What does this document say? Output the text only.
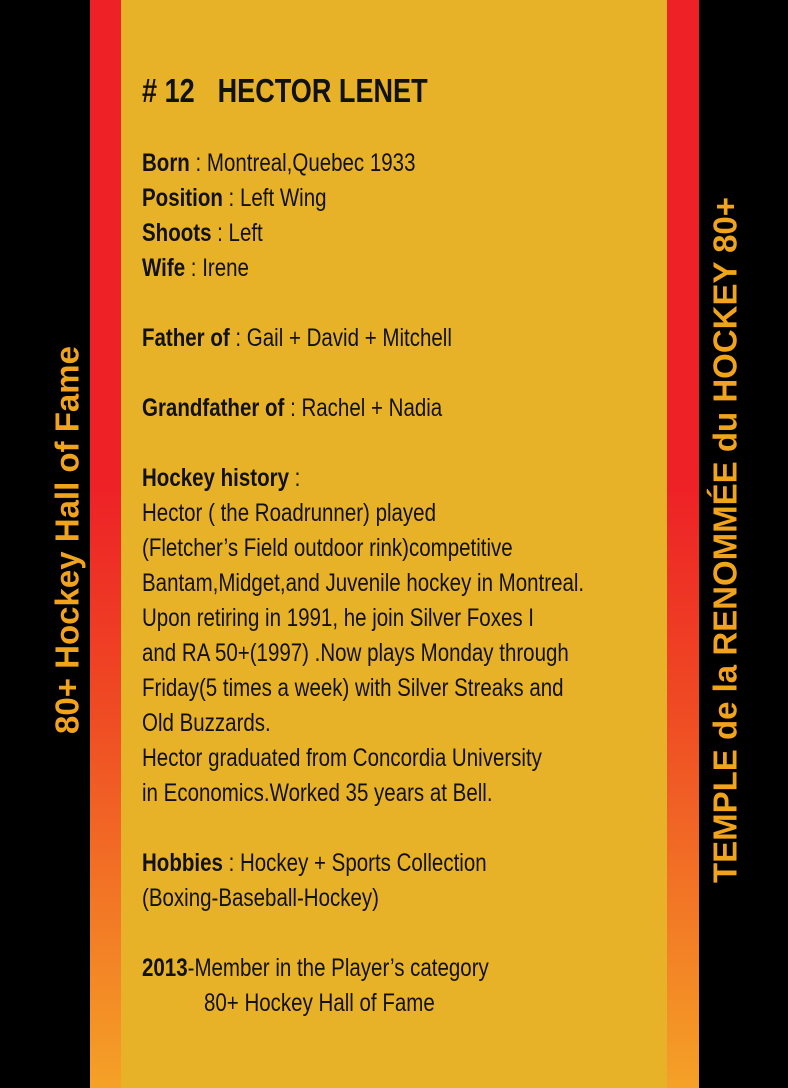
80+ Hockey Hall of Fame	TEMPLE de la RENOMMÉE du HOCKEY 80+
# 12 HECTOR LENET
Born : Montreal,Quebec 1933
Position : Left Wing
Shoots : Left
Wife : Irene
Father of : Gail + David + Mitchell
Grandfather of : Rachel + Nadia
Hockey history :
Hector ( the Roadrunner) played
(Fletcher’s Field outdoor rink)competitive
Bantam,Midget,and Juvenile hockey in Montreal.
Upon retiring in 1991, he join Silver Foxes I
and RA 50+(1997) .Now plays Monday through
Friday(5 times a week) with Silver Streaks and
Old Buzzards.
Hector graduated from Concordia University
in Economics.Worked 35 years at Bell.
Hobbies : Hockey + Sports Collection
(Boxing-Baseball-Hockey)
2013-Member in the Player’s category
80+ Hockey Hall of Fame
